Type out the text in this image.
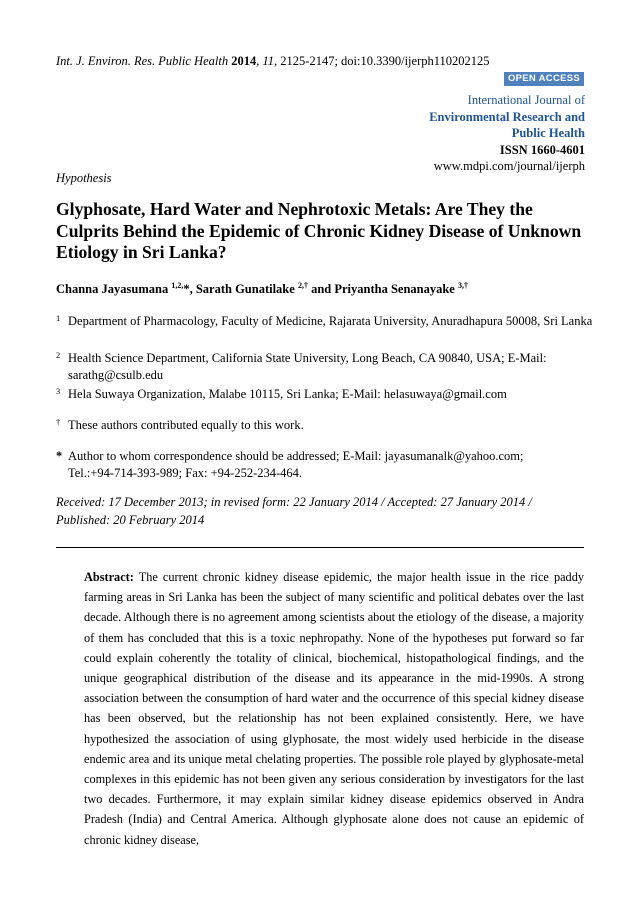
Int. J. Environ. Res. Public Health 2014, 11, 2125-2147; doi:10.3390/ijerph110202125
OPEN ACCESS
International Journal of
Environmental Research and
Public Health
ISSN 1660-4601
www.mdpi.com/journal/ijerph
Hypothesis
Glyphosate, Hard Water and Nephrotoxic Metals: Are They the Culprits Behind the Epidemic of Chronic Kidney Disease of Unknown Etiology in Sri Lanka?
Channa Jayasumana $^{1,2,}$*, Sarath Gunatilake $^{2,\dagger}$ and Priyantha Senanayake $^{3,\dagger}$
1 Department of Pharmacology, Faculty of Medicine, Rajarata University, Anuradhapura 50008, Sri Lanka
2 Health Science Department, California State University, Long Beach, CA 90840, USA; E-Mail: sarathg@csulb.edu
3 Hela Suwaya Organization, Malabe 10115, Sri Lanka; E-Mail: helasuwaya@gmail.com
† These authors contributed equally to this work.
* Author to whom correspondence should be addressed; E-Mail: jayasumanalk@yahoo.com;
Tel.:+94-714-393-989; Fax: +94-252-234-464.
Received: 17 December 2013; in revised form: 22 January 2014 / Accepted: 27 January 2014 /
Published: 20 February 2014

Abstract: The current chronic kidney disease epidemic, the major health issue in the rice paddy farming areas in Sri Lanka has been the subject of many scientific and political debates over the last decade. Although there is no agreement among scientists about the etiology of the disease, a majority of them has concluded that this is a toxic nephropathy. None of the hypotheses put forward so far could explain coherently the totality of clinical, biochemical, histopathological findings, and the unique geographical distribution of the disease and its appearance in the mid-1990s. A strong association between the consumption of hard water and the occurrence of this special kidney disease has been observed, but the relationship has not been explained consistently. Here, we have hypothesized the association of using glyphosate, the most widely used herbicide in the disease endemic area and its unique metal chelating properties. The possible role played by glyphosate-metal complexes in this epidemic has not been given any serious consideration by investigators for the last two decades. Furthermore, it may explain similar kidney disease epidemics observed in Andra Pradesh (India) and Central America. Although glyphosate alone does not cause an epidemic of chronic kidney disease,
